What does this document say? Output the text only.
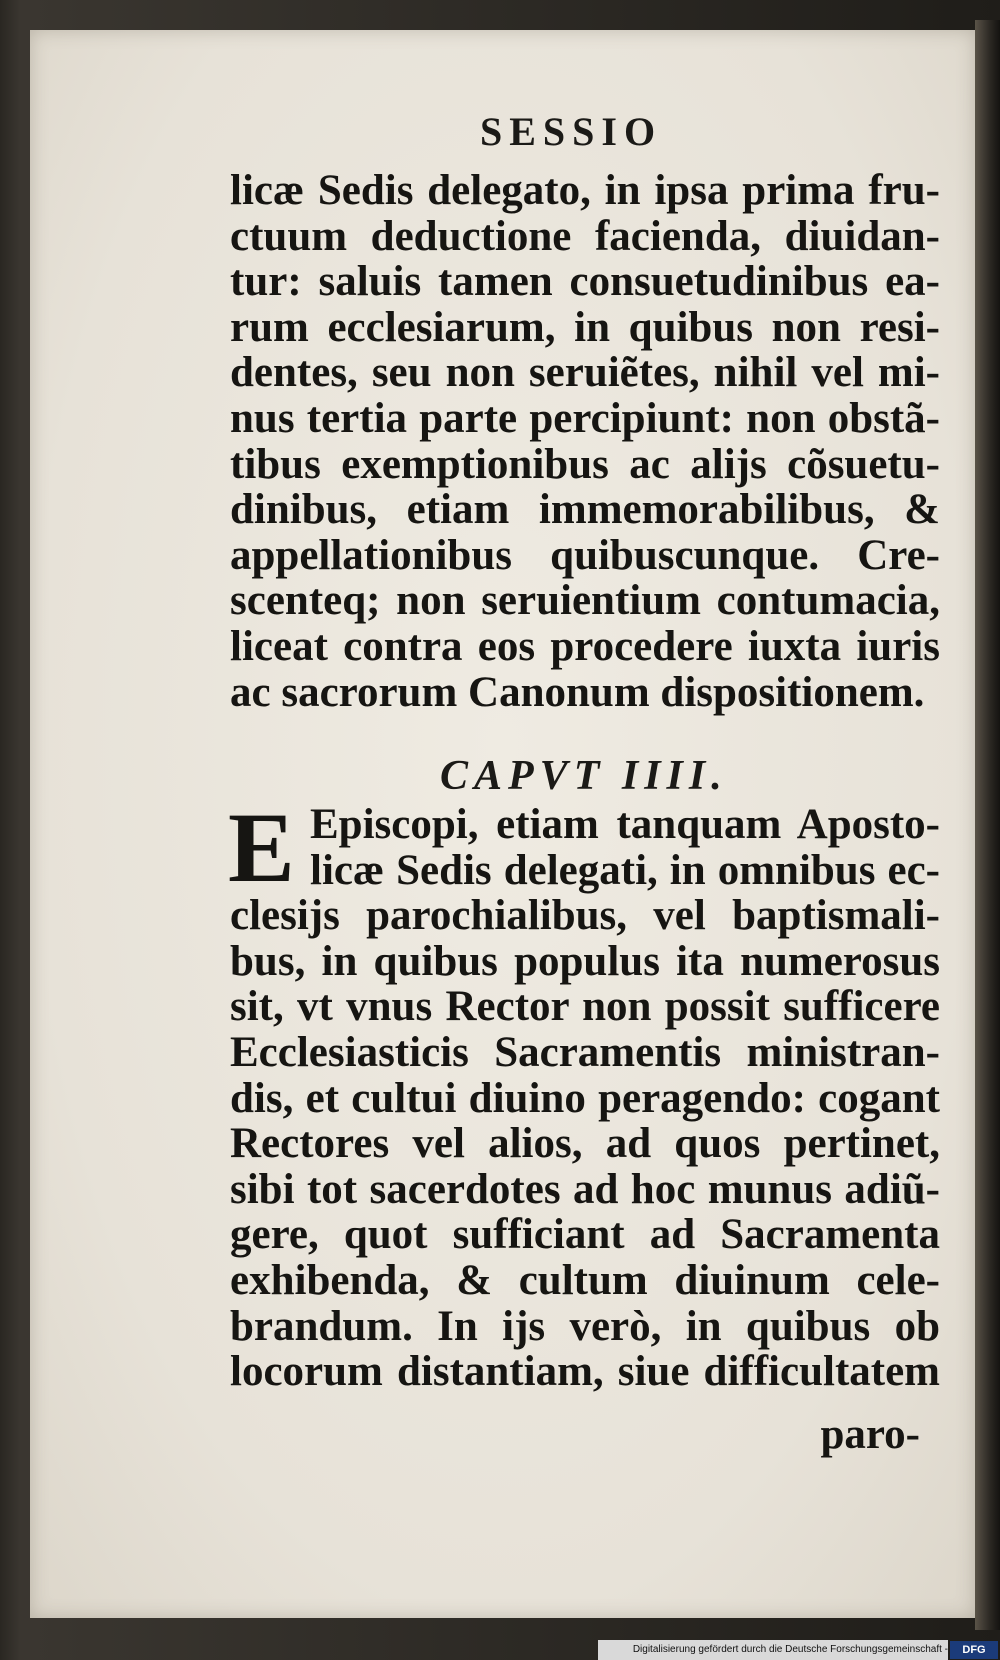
SESSIO
licæ Sedis delegato, in ipsa prima fru-
ctuum deductione facienda, diuidan-
tur: saluis tamen consuetudinibus ea-
rum ecclesiarum, in quibus non resi-
dentes, seu non seruiẽtes, nihil vel mi-
nus tertia parte percipiunt: non obstã-
tibus exemptionibus ac alijs cõsuetu-
dinibus, etiam immemorabilibus, &
appellationibus quibuscunque. Cre-
scenteq; non seruientium contumacia,
liceat contra eos procedere iuxta iuris
ac sacrorum Canonum dispositionem.
CAPVT IIII.
E Episcopi, etiam tanquam Aposto-
licæ Sedis delegati, in omnibus ec-
clesijs parochialibus, vel baptismali-
bus, in quibus populus ita numerosus
sit, vt vnus Rector non possit sufficere
Ecclesiasticis Sacramentis ministran-
dis, et cultui diuino peragendo: cogant
Rectores vel alios, ad quos pertinet,
sibi tot sacerdotes ad hoc munus adiũ-
gere, quot sufficiant ad Sacramenta
exhibenda, & cultum diuinum cele-
brandum. In ijs verò, in quibus ob
locorum distantiam, siue difficultatem
paro-
Digitalisierung gefördert durch die Deutsche Forschungsgemeinschaft -	DFG
